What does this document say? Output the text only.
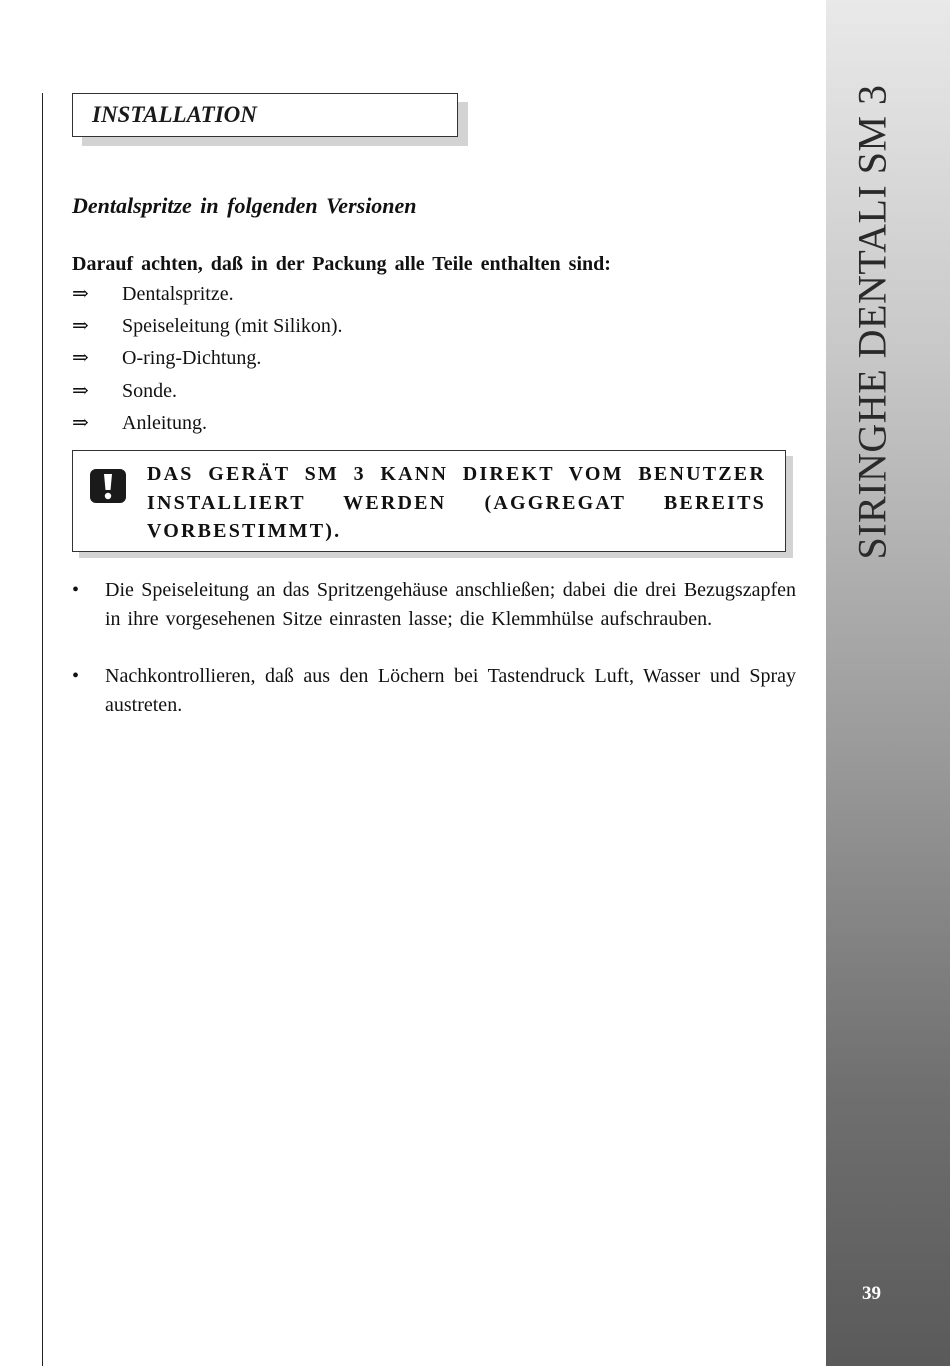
SIRINGHE DENTALI SM 3
39
INSTALLATION
Dentalspritze in folgenden Versionen
Darauf achten, daß in der Packung alle Teile enthalten sind:
⇒	Dentalspritze.
⇒	Speiseleitung (mit Silikon).
⇒	O-ring-Dichtung.
⇒	Sonde.
⇒	Anleitung.
DAS GERÄT SM 3 KANN DIREKT VOM BENUTZER INSTALLIERT WERDEN (AGGREGAT BEREITS VORBESTIMMT).
• Die Speiseleitung an das Spritzengehäuse anschließen; dabei die drei Bezugszapfen in ihre vorgesehenen Sitze einrasten lasse; die Klemmhülse aufschrauben.
• Nachkontrollieren, daß aus den Löchern bei Tastendruck Luft, Wasser und Spray austreten.
